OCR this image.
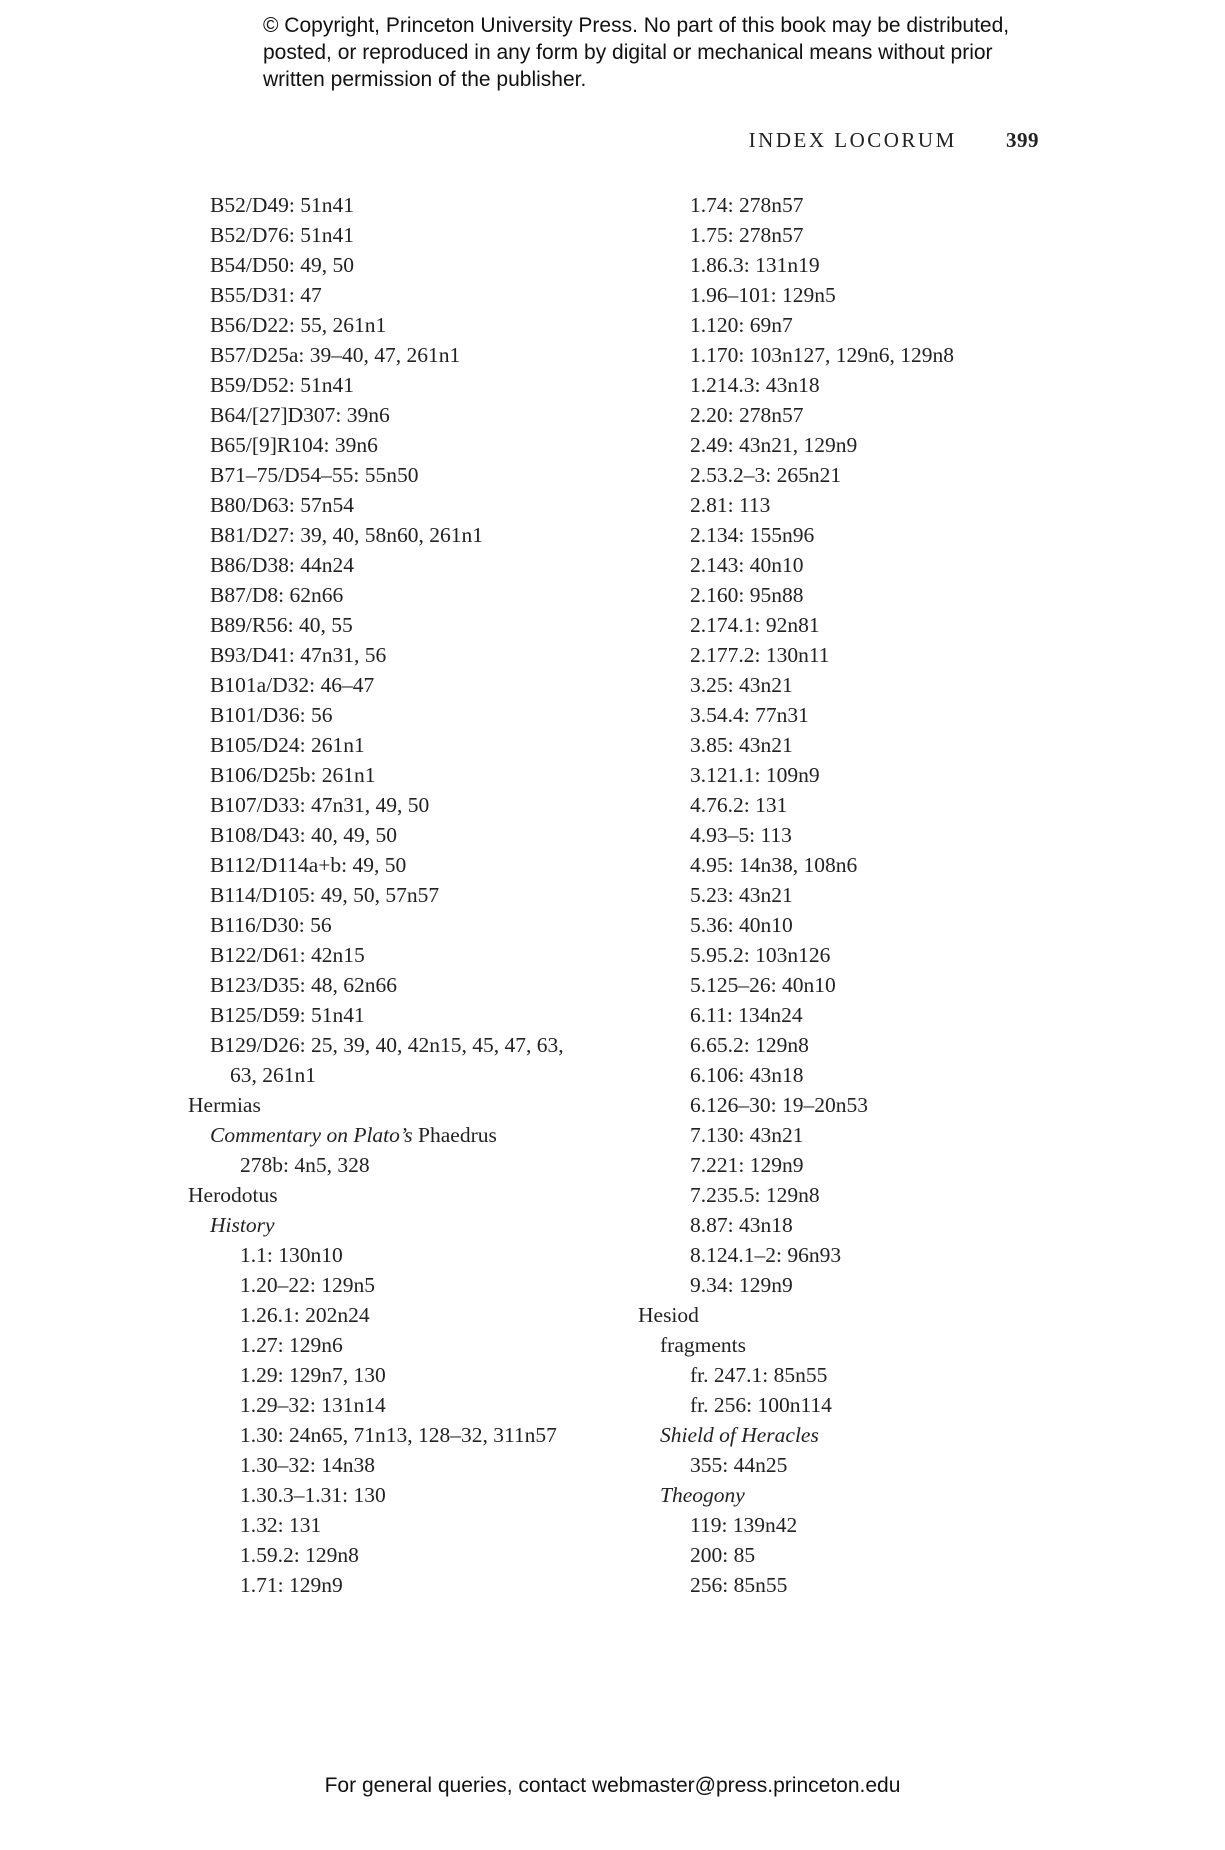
© Copyright, Princeton University Press. No part of this book may be distributed, posted, or reproduced in any form by digital or mechanical means without prior written permission of the publisher.
INDEX LOCORUM 399
B52/D49: 51n41
B52/D76: 51n41
B54/D50: 49, 50
B55/D31: 47
B56/D22: 55, 261n1
B57/D25a: 39–40, 47, 261n1
B59/D52: 51n41
B64/[27]D307: 39n6
B65/[9]R104: 39n6
B71–75/D54–55: 55n50
B80/D63: 57n54
B81/D27: 39, 40, 58n60, 261n1
B86/D38: 44n24
B87/D8: 62n66
B89/R56: 40, 55
B93/D41: 47n31, 56
B101a/D32: 46–47
B101/D36: 56
B105/D24: 261n1
B106/D25b: 261n1
B107/D33: 47n31, 49, 50
B108/D43: 40, 49, 50
B112/D114a+b: 49, 50
B114/D105: 49, 50, 57n57
B116/D30: 56
B122/D61: 42n15
B123/D35: 48, 62n66
B125/D59: 51n41
B129/D26: 25, 39, 40, 42n15, 45, 47, 63,
63, 261n1
Hermias
Commentary on Plato’s Phaedrus
278b: 4n5, 328
Herodotus
History
1.1: 130n10
1.20–22: 129n5
1.26.1: 202n24
1.27: 129n6
1.29: 129n7, 130
1.29–32: 131n14
1.30: 24n65, 71n13, 128–32, 311n57
1.30–32: 14n38
1.30.3–1.31: 130
1.32: 131
1.59.2: 129n8
1.71: 129n9
1.74: 278n57
1.75: 278n57
1.86.3: 131n19
1.96–101: 129n5
1.120: 69n7
1.170: 103n127, 129n6, 129n8
1.214.3: 43n18
2.20: 278n57
2.49: 43n21, 129n9
2.53.2–3: 265n21
2.81: 113
2.134: 155n96
2.143: 40n10
2.160: 95n88
2.174.1: 92n81
2.177.2: 130n11
3.25: 43n21
3.54.4: 77n31
3.85: 43n21
3.121.1: 109n9
4.76.2: 131
4.93–5: 113
4.95: 14n38, 108n6
5.23: 43n21
5.36: 40n10
5.95.2: 103n126
5.125–26: 40n10
6.11: 134n24
6.65.2: 129n8
6.106: 43n18
6.126–30: 19–20n53
7.130: 43n21
7.221: 129n9
7.235.5: 129n8
8.87: 43n18
8.124.1–2: 96n93
9.34: 129n9
Hesiod
fragments
fr. 247.1: 85n55
fr. 256: 100n114
Shield of Heracles
355: 44n25
Theogony
119: 139n42
200: 85
256: 85n55
For general queries, contact webmaster@press.princeton.edu
